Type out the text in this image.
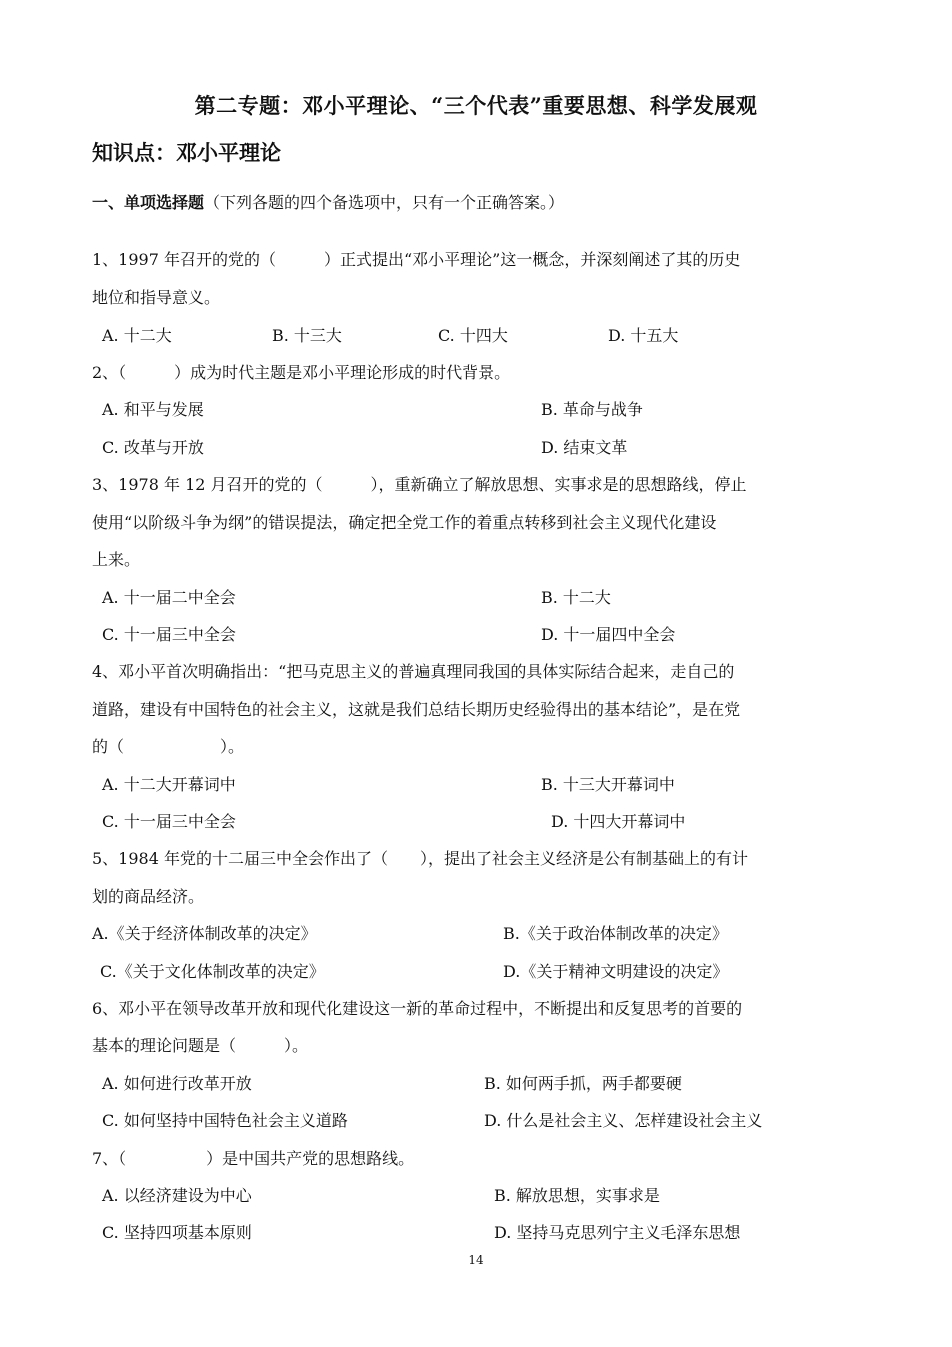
第二专题：邓小平理论、“三个代表”重要思想、科学发展观
知识点：邓小平理论
一、单项选择题（下列各题的四个备选项中，只有一个正确答案。）
1、1997 年召开的党的（　　　）正式提出“邓小平理论”这一概念，并深刻阐述了其的历史
地位和指导意义。
A. 十二大	B. 十三大	C. 十四大	D. 十五大
2、（　　　）成为时代主题是邓小平理论形成的时代背景。
A. 和平与发展	B. 革命与战争
C. 改革与开放	D. 结束文革
3、1978 年 12 月召开的党的（　　　），重新确立了解放思想、实事求是的思想路线，停止
使用“以阶级斗争为纲”的错误提法，确定把全党工作的着重点转移到社会主义现代化建设
上来。
A. 十一届二中全会	B. 十二大
C. 十一届三中全会	D. 十一届四中全会
4、邓小平首次明确指出：“把马克思主义的普遍真理同我国的具体实际结合起来，走自己的
道路，建设有中国特色的社会主义，这就是我们总结长期历史经验得出的基本结论”，是在党
的（　　　　　　）。
A. 十二大开幕词中	B. 十三大开幕词中
C. 十一届三中全会	D. 十四大开幕词中
5、1984 年党的十二届三中全会作出了（　　），提出了社会主义经济是公有制基础上的有计
划的商品经济。
A.《关于经济体制改革的决定》	B.《关于政治体制改革的决定》
C.《关于文化体制改革的决定》	D.《关于精神文明建设的决定》
6、邓小平在领导改革开放和现代化建设这一新的革命过程中，不断提出和反复思考的首要的
基本的理论问题是（　　　）。
A. 如何进行改革开放	B. 如何两手抓，两手都要硬
C. 如何坚持中国特色社会主义道路	D. 什么是社会主义、怎样建设社会主义
7、（　　　　　）是中国共产党的思想路线。
A. 以经济建设为中心	B. 解放思想，实事求是
C. 坚持四项基本原则	D. 坚持马克思列宁主义毛泽东思想
14
